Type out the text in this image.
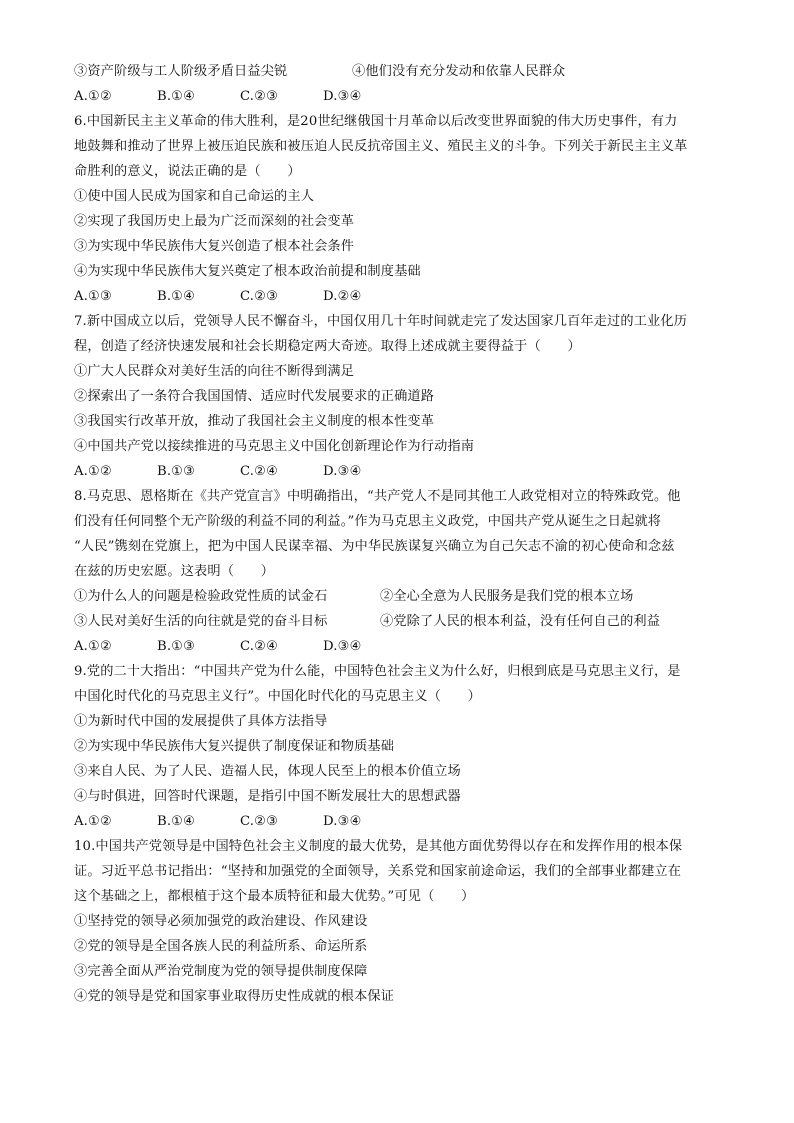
③资产阶级与工人阶级矛盾日益尖锐	④他们没有充分发动和依靠人民群众
A.①②	B.①④	C.②③	D.③④
6.中国新民主主义革命的伟大胜利，是20世纪继俄国十月革命以后改变世界面貌的伟大历史事件，有力
地鼓舞和推动了世界上被压迫民族和被压迫人民反抗帝国主义、殖民主义的斗争。下列关于新民主主义革
命胜利的意义，说法正确的是（　　）
①使中国人民成为国家和自己命运的主人
②实现了我国历史上最为广泛而深刻的社会变革
③为实现中华民族伟大复兴创造了根本社会条件
④为实现中华民族伟大复兴奠定了根本政治前提和制度基础
A.①③	B.①④	C.②③	D.②④
7.新中国成立以后，党领导人民不懈奋斗，中国仅用几十年时间就走完了发达国家几百年走过的工业化历
程，创造了经济快速发展和社会长期稳定两大奇迹。取得上述成就主要得益于（　　）
①广大人民群众对美好生活的向往不断得到满足
②探索出了一条符合我国国情、适应时代发展要求的正确道路
③我国实行改革开放，推动了我国社会主义制度的根本性变革
④中国共产党以接续推进的马克思主义中国化创新理论作为行动指南
A.①②	B.①③	C.②④	D.③④
8.马克思、恩格斯在《共产党宣言》中明确指出，“共产党人不是同其他工人政党相对立的特殊政党。他
们没有任何同整个无产阶级的利益不同的利益。”作为马克思主义政党，中国共产党从诞生之日起就将
“人民”镌刻在党旗上，把为中国人民谋幸福、为中华民族谋复兴确立为自己矢志不渝的初心使命和念兹
在兹的历史宏愿。这表明（　　）
①为什么人的问题是检验政党性质的试金石	②全心全意为人民服务是我们党的根本立场
③人民对美好生活的向往就是党的奋斗目标	④党除了人民的根本利益，没有任何自己的利益
A.①②	B.①③	C.②④	D.③④
9.党的二十大指出：“中国共产党为什么能，中国特色社会主义为什么好，归根到底是马克思主义行，是
中国化时代化的马克思主义行”。中国化时代化的马克思主义（　　）
①为新时代中国的发展提供了具体方法指导
②为实现中华民族伟大复兴提供了制度保证和物质基础
③来自人民、为了人民、造福人民，体现人民至上的根本价值立场
④与时俱进，回答时代课题，是指引中国不断发展壮大的思想武器
A.①②	B.①④	C.②③	D.③④
10.中国共产党领导是中国特色社会主义制度的最大优势，是其他方面优势得以存在和发挥作用的根本保
证。习近平总书记指出：“坚持和加强党的全面领导，关系党和国家前途命运，我们的全部事业都建立在
这个基础之上，都根植于这个最本质特征和最大优势。”可见（　　）
①坚持党的领导必须加强党的政治建设、作风建设
②党的领导是全国各族人民的利益所系、命运所系
③完善全面从严治党制度为党的领导提供制度保障
④党的领导是党和国家事业取得历史性成就的根本保证
